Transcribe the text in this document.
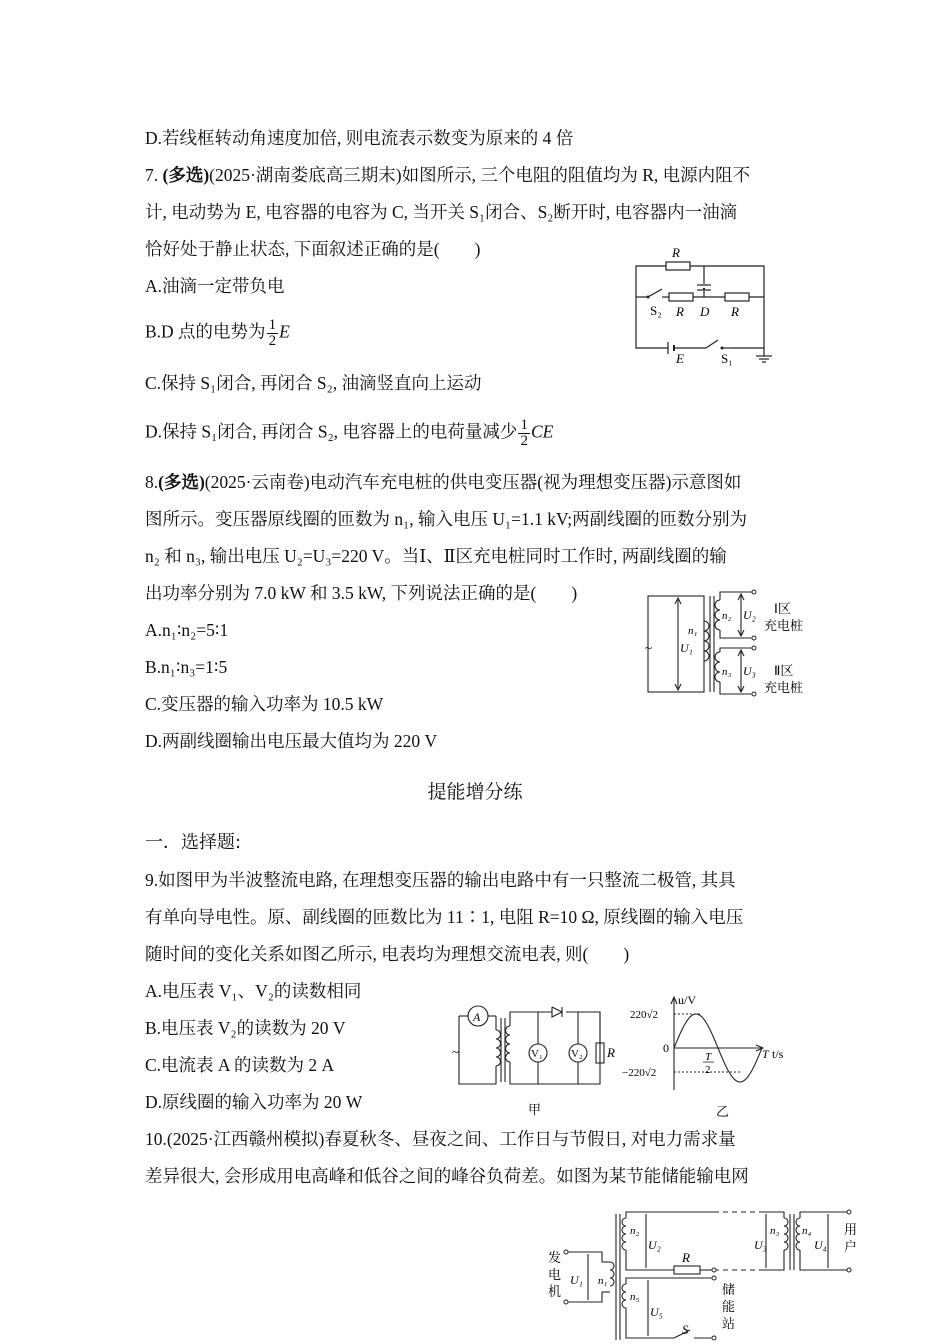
D.若线框转动角速度加倍, 则电流表示数变为原来的 4 倍
7. (多选)(2025·湖南娄底高三期末)如图所示, 三个电阻的阻值均为 R, 电源内阻不
计, 电动势为 E, 电容器的电容为 C, 当开关 S₁闭合、S₂断开时, 电容器内一油滴
恰好处于静止状态, 下面叙述正确的是(　　)
A.油滴一定带负电
B.D 点的电势为 $\frac{1}{2}$ E
C.保持 S₁闭合, 再闭合 S₂, 油滴竖直向上运动
D.保持 S₁闭合, 再闭合 S₂, 电容器上的电荷量减少 $\frac{1}{2}$ CE
R
S₂ R D R
E	S₁
8.(多选)(2025·云南卷)电动汽车充电桩的供电变压器(视为理想变压器)示意图如
图所示。变压器原线圈的匝数为 n₁, 输入电压 U₁=1.1 kV;两副线圈的匝数分别为
n₂ 和 n₃, 输出电压 U₂=U₃=220 V。当Ⅰ、Ⅱ区充电桩同时工作时, 两副线圈的输
出功率分别为 7.0 kW 和 3.5 kW, 下列说法正确的是(　　)
A.n₁∶n₂=5∶1
B.n₁∶n₃=1∶5
C.变压器的输入功率为 10.5 kW
D.两副线圈输出电压最大值均为 220 V
~ U₁
n₁
n₂ U₂
n₃ U₃
Ⅰ区
充电桩
Ⅱ区
充电桩
提能增分练
一．选择题:
9.如图甲为半波整流电路, 在理想变压器的输出电路中有一只整流二极管, 其具
有单向导电性。原、副线圈的匝数比为 11∶1, 电阻 R=10 Ω, 原线圈的输入电压
随时间的变化关系如图乙所示, 电表均为理想交流电表, 则(　　)
A.电压表 V₁、V₂的读数相同
B.电压表 V₂的读数为 20 V
C.电流表 A 的读数为 2 A
D.原线圈的输入功率为 20 W
A
~	V₁	V₂ R
甲
u/V
220√2
0
−220√2
T
2
T t/s
乙
10.(2025·江西赣州模拟)春夏秋冬、昼夜之间、工作日与节假日, 对电力需求量
差异很大, 会形成用电高峰和低谷之间的峰谷负荷差。如图为某节能储能输电网
发
电
机
U₁ n₁
n₂
U₂
R
n₃
U₃
n₄
U₄
用
户
n₅
U₅
S
储
能
站
